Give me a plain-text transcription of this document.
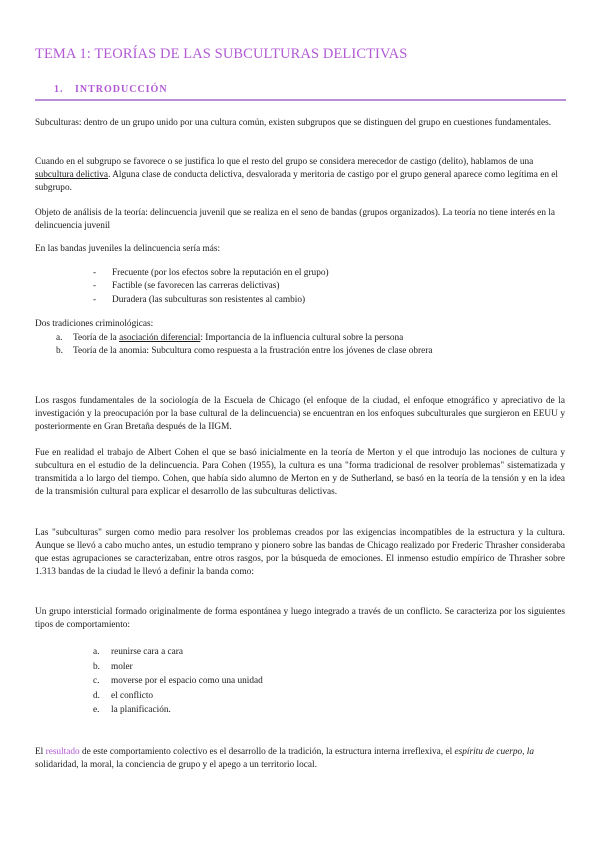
TEMA 1: TEORÍAS DE LAS SUBCULTURAS DELICTIVAS
1. INTRODUCCIÓN

Subculturas: dentro de un grupo unido por una cultura común, existen subgrupos que se distinguen del grupo en cuestiones fundamentales.

Cuando en el subgrupo se favorece o se justifica lo que el resto del grupo se considera merecedor de castigo (delito), hablamos de una subcultura delictiva. Alguna clase de conducta delictiva, desvalorada y meritoria de castigo por el grupo general aparece como legítima en el subgrupo.

Objeto de análisis de la teoría: delincuencia juvenil que se realiza en el seno de bandas (grupos organizados). La teoría no tiene interés en la delincuencia juvenil

En las bandas juveniles la delincuencia sería más:

- Frecuente (por los efectos sobre la reputación en el grupo)
- Factible (se favorecen las carreras delictivas)
- Duradera (las subculturas son resistentes al cambio)

Dos tradiciones criminológicas:

a. Teoría de la asociación diferencial: Importancia de la influencia cultural sobre la persona
b. Teoría de la anomia: Subcultura como respuesta a la frustración entre los jóvenes de clase obrera

Los rasgos fundamentales de la sociología de la Escuela de Chicago (el enfoque de la ciudad, el enfoque etnográfico y apreciativo de la investigación y la preocupación por la base cultural de la delincuencia) se encuentran en los enfoques subculturales que surgieron en EEUU y posteriormente en Gran Bretaña después de la IIGM.

Fue en realidad el trabajo de Albert Cohen el que se basó inicialmente en la teoría de Merton y el que introdujo las nociones de cultura y subcultura en el estudio de la delincuencia. Para Cohen (1955), la cultura es una "forma tradicional de resolver problemas" sistematizada y transmitida a lo largo del tiempo. Cohen, que había sido alumno de Merton en y de Sutherland, se basó en la teoría de la tensión y en la idea de la transmisión cultural para explicar el desarrollo de las subculturas delictivas.

Las "subculturas" surgen como medio para resolver los problemas creados por las exigencias incompatibles de la estructura y la cultura. Aunque se llevó a cabo mucho antes, un estudio temprano y pionero sobre las bandas de Chicago realizado por Frederic Thrasher consideraba que estas agrupaciones se caracterizaban, entre otros rasgos, por la búsqueda de emociones. El inmenso estudio empírico de Thrasher sobre 1.313 bandas de la ciudad le llevó a definir la banda como:

Un grupo intersticial formado originalmente de forma espontánea y luego integrado a través de un conflicto. Se caracteriza por los siguientes tipos de comportamiento:

a. reunirse cara a cara
b. moler
c. moverse por el espacio como una unidad
d. el conflicto
e. la planificación.

El resultado de este comportamiento colectivo es el desarrollo de la tradición, la estructura interna irreflexiva, el espíritu de cuerpo, la solidaridad, la moral, la conciencia de grupo y el apego a un territorio local.
